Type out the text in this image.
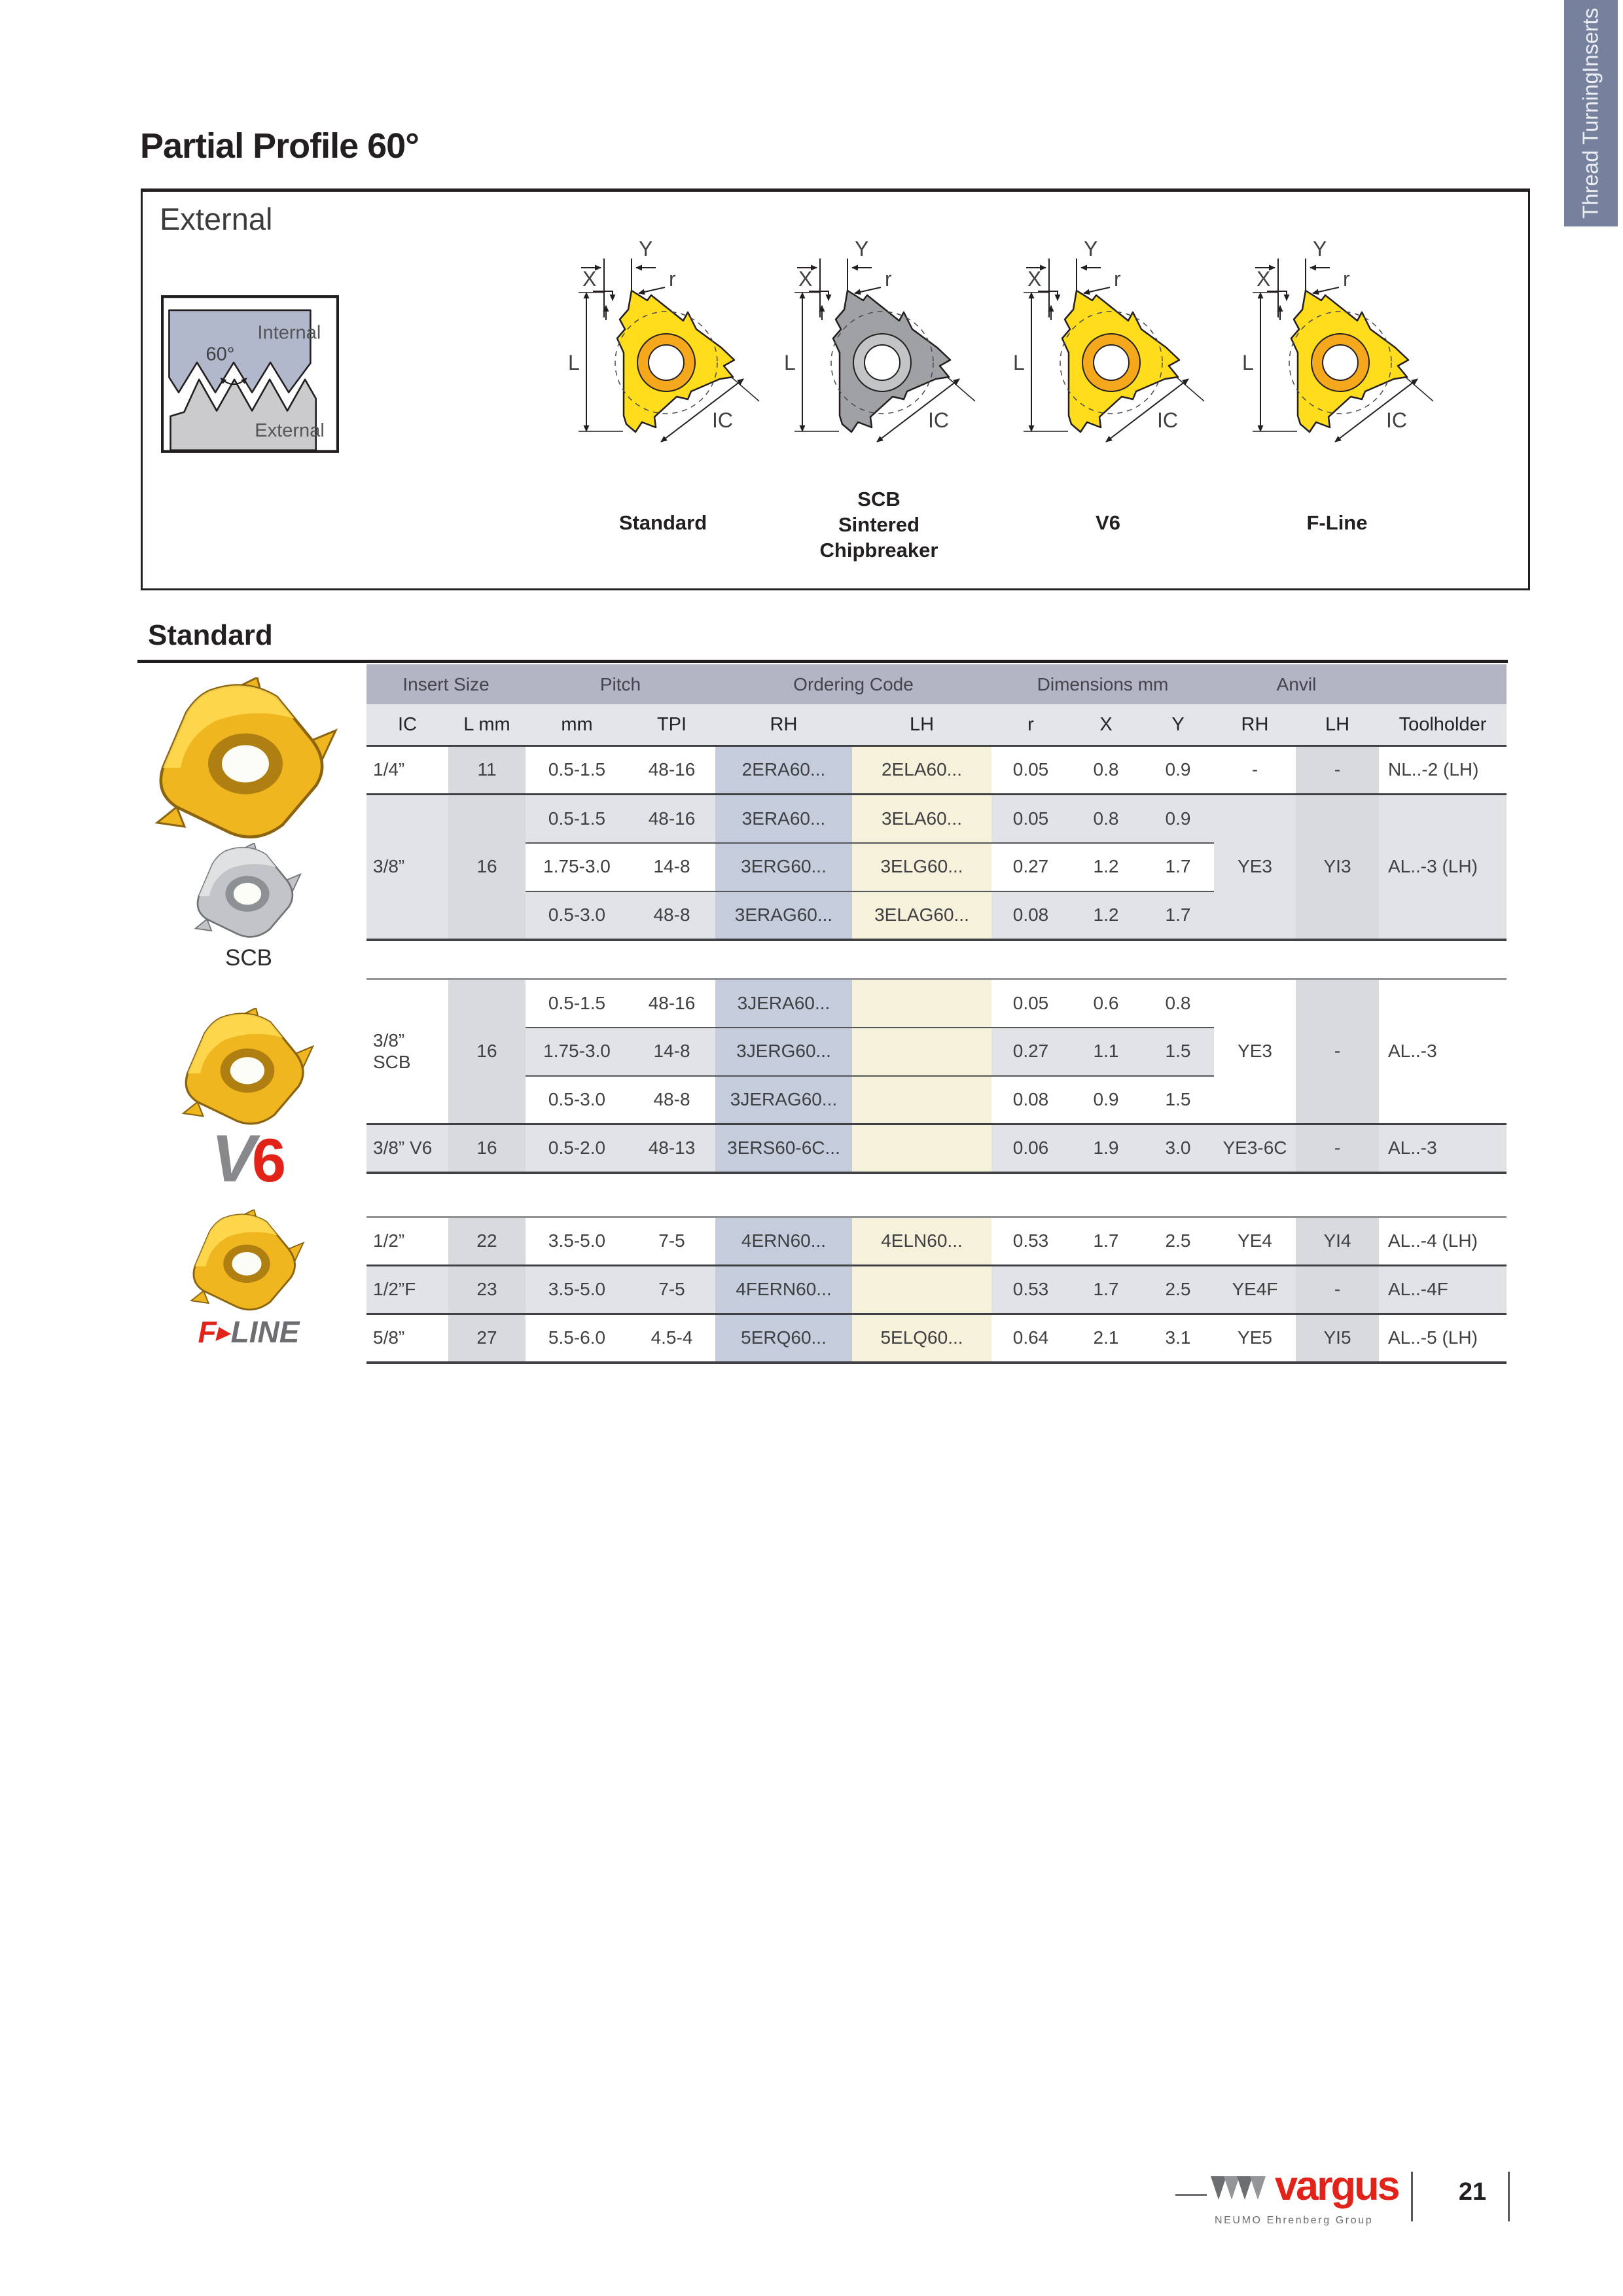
Thread Turning
Inserts
Partial Profile 60°
External
Internal
60°
External	IC
Y
X	r
L
Standard
IC
Y
X	r
L
SCB
Sintered
Chipbreaker
IC
Y
X	r
L
V6
IC
Y
X	r
L
F-Line
Standard
Insert Size	Pitch	Ordering Code	Dimensions mm	Anvil
IC	L mm	mm	TPI	RH	LH	r	X	Y	RH	LH	Toolholder
1/4”	11	0.5-1.5	48-16	2ERA60...	2ELA60...	0.05	0.8	0.9	-	-	NL..-2 (LH)
3/8”	16	0.5-1.5	48-16	3ERA60...	3ELA60...	0.05	0.8	0.9	YE3	YI3	AL..-3 (LH)
		1.75-3.0	14-8	3ERG60...	3ELG60...	0.27	1.2	1.7			
		0.5-3.0	48-8	3ERAG60...	3ELAG60...	0.08	1.2	1.7			
3/8”
SCB	16	0.5-1.5	48-16	3JERA60...		0.05	0.6	0.8	YE3	-	AL..-3
		1.75-3.0	14-8	3JERG60...		0.27	1.1	1.5			
		0.5-3.0	48-8	3JERAG60...		0.08	0.9	1.5			
3/8” V6	16	0.5-2.0	48-13	3ERS60-6C...		0.06	1.9	3.0	YE3-6C	-	AL..-3
1/2”	22	3.5-5.0	7-5	4ERN60...	4ELN60...	0.53	1.7	2.5	YE4	YI4	AL..-4 (LH)
1/2”F	23	3.5-5.0	7-5	4FERN60...		0.53	1.7	2.5	YE4F	-	AL..-4F
5/8”	27	5.5-6.0	4.5-4	5ERQ60...	5ELQ60...	0.64	2.1	3.1	YE5	YI5	AL..-5 (LH)
SCB
V6
F▶LINE
vargus
NEUMO Ehrenberg Group
21
